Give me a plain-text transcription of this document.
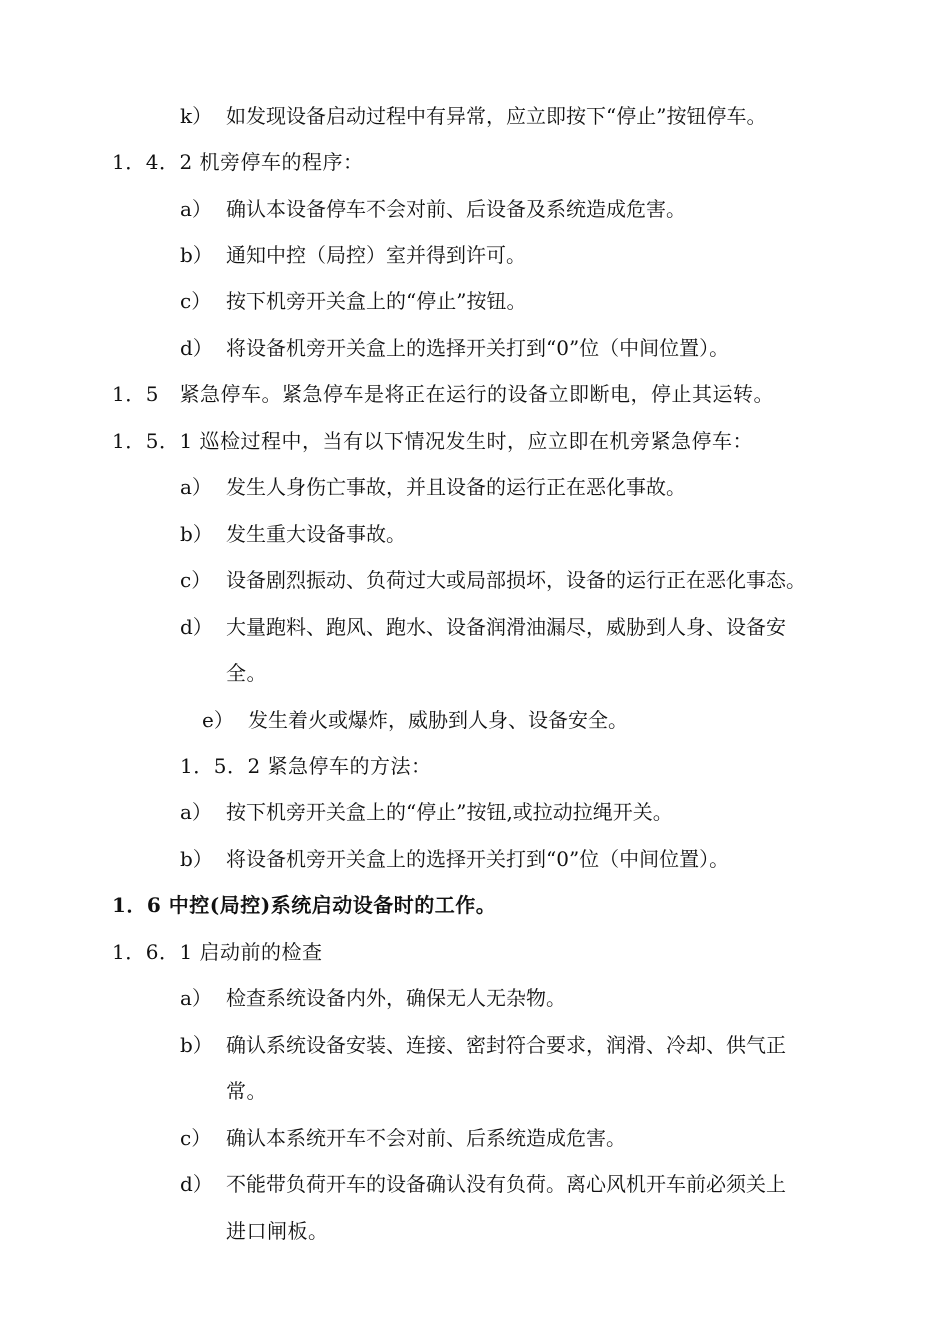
k） 如发现设备启动过程中有异常，应立即按下“停止”按钮停车。
1．4．2 机旁停车的程序：
a） 确认本设备停车不会对前、后设备及系统造成危害。
b） 通知中控（局控）室并得到许可。
c） 按下机旁开关盒上的“停止”按钮。
d） 将设备机旁开关盒上的选择开关打到“0”位（中间位置）。
1．5　紧急停车。紧急停车是将正在运行的设备立即断电，停止其运转。
1．5．1 巡检过程中，当有以下情况发生时，应立即在机旁紧急停车：
a） 发生人身伤亡事故，并且设备的运行正在恶化事故。
b） 发生重大设备事故。
c） 设备剧烈振动、负荷过大或局部损坏，设备的运行正在恶化事态。
d） 大量跑料、跑风、跑水、设备润滑油漏尽，威胁到人身、设备安
全。
e） 发生着火或爆炸，威胁到人身、设备安全。
1．5．2 紧急停车的方法：
a） 按下机旁开关盒上的“停止”按钮,或拉动拉绳开关。
b） 将设备机旁开关盒上的选择开关打到“0”位（中间位置）。
1．6 中控(局控)系统启动设备时的工作。
1．6．1 启动前的检查
a） 检查系统设备内外，确保无人无杂物。
b） 确认系统设备安装、连接、密封符合要求，润滑、冷却、供气正
常。
c） 确认本系统开车不会对前、后系统造成危害。
d） 不能带负荷开车的设备确认没有负荷。离心风机开车前必须关上
进口闸板。
